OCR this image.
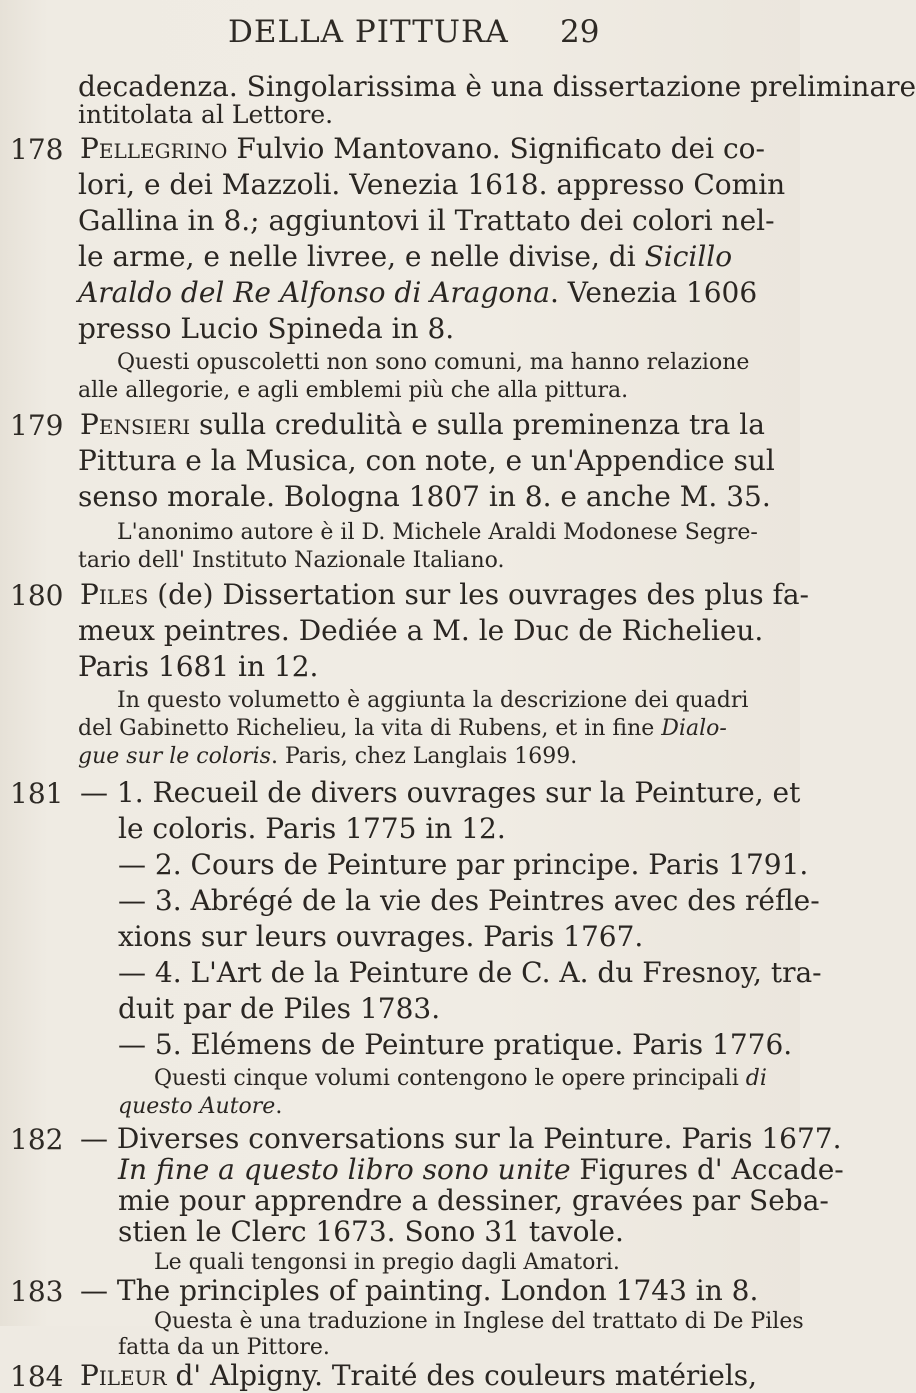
DELLA PITTURA 29
decadenza. Singolarissima è una dissertazione preliminare
intitolata al Lettore.
178 Pellegrino Fulvio Mantovano. Significato dei co-
lori, e dei Mazzoli. Venezia 1618. appresso Comin
Gallina in 8.; aggiuntovi il Trattato dei colori nel-
le arme, e nelle livree, e nelle divise, di Sicillo
Araldo del Re Alfonso di Aragona. Venezia 1606
presso Lucio Spineda in 8.
Questi opuscoletti non sono comuni, ma hanno relazione
alle allegorie, e agli emblemi più che alla pittura.
179 Pensieri sulla credulità e sulla preminenza tra la
Pittura e la Musica, con note, e un'Appendice sul
senso morale. Bologna 1807 in 8. e anche M. 35.
L'anonimo autore è il D. Michele Araldi Modonese Segre-
tario dell' Instituto Nazionale Italiano.
180 Piles (de) Dissertation sur les ouvrages des plus fa-
meux peintres. Dediée a M. le Duc de Richelieu.
Paris 1681 in 12.
In questo volumetto è aggiunta la descrizione dei quadri
del Gabinetto Richelieu, la vita di Rubens, et in fine Dialo-
gue sur le coloris. Paris, chez Langlais 1699.
181 — 1. Recueil de divers ouvrages sur la Peinture, et
le coloris. Paris 1775 in 12.
— 2. Cours de Peinture par principe. Paris 1791.
— 3. Abrégé de la vie des Peintres avec des réfle-
xions sur leurs ouvrages. Paris 1767.
— 4. L'Art de la Peinture de C. A. du Fresnoy, tra-
duit par de Piles 1783.
— 5. Elémens de Peinture pratique. Paris 1776.
Questi cinque volumi contengono le opere principali di
questo Autore.
182 — Diverses conversations sur la Peinture. Paris 1677.
In fine a questo libro sono unite Figures d' Accade-
mie pour apprendre a dessiner, gravées par Seba-
stien le Clerc 1673. Sono 31 tavole.
Le quali tengonsi in pregio dagli Amatori.
183 — The principles of painting. London 1743 in 8.
Questa è una traduzione in Inglese del trattato di De Piles
fatta da un Pittore.
184 Pileur d' Alpigny. Traité des couleurs matériels,
